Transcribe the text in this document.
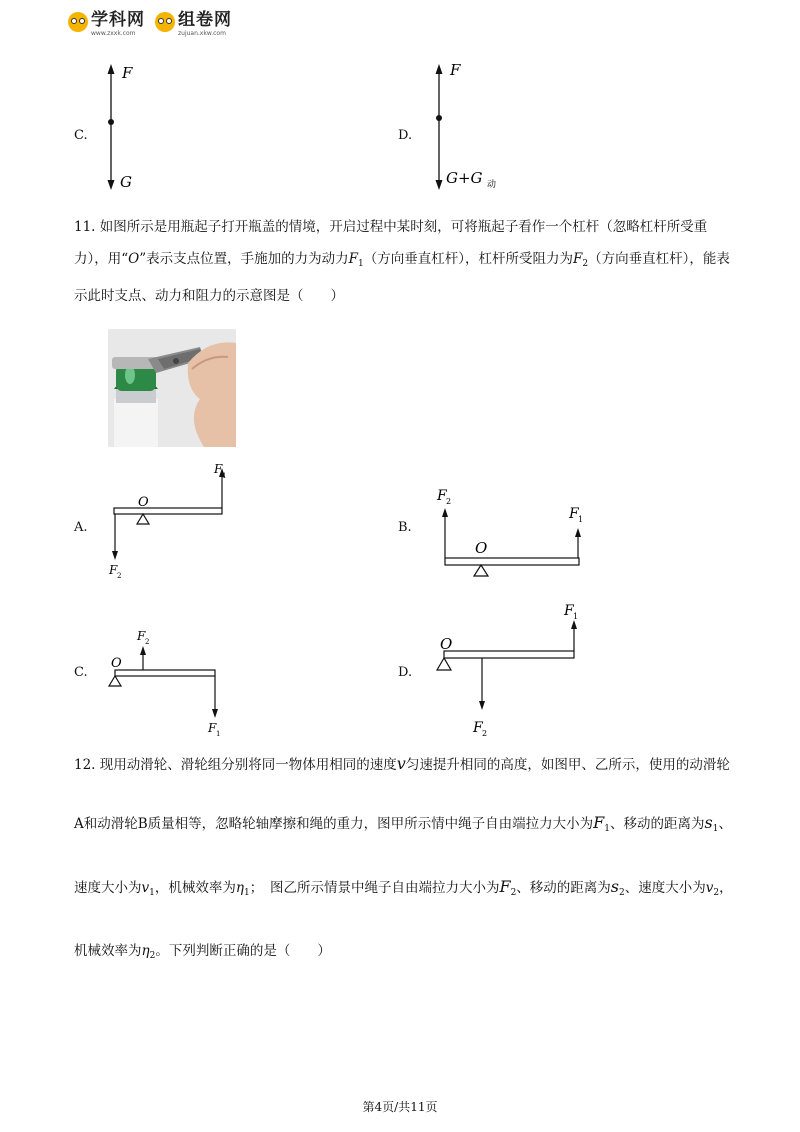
学科网
www.zxxk.com
组卷网
zujuan.xkw.com
C.
F
G
D.
F
G+G 动
11. 如图所示是用瓶起子打开瓶盖的情境，开启过程中某时刻，可将瓶起子看作一个杠杆（忽略杠杆所受重力），用“O”表示支点位置，手施加的力为动力$F_1$（方向垂直杠杆），杠杆所受阻力为$F_2$（方向垂直杠杆），能表示此时支点、动力和阻力的示意图是（　　）
A.
O
F 1
F 2
B.
O
F 2
F 1
C.
O
F 2
F 1
D.
O
F 1
F 2
12. 现用动滑轮、滑轮组分别将同一物体用相同的速度v匀速提升相同的高度，如图甲、乙所示，使用的动滑轮A和动滑轮B质量相等，忽略轮轴摩擦和绳的重力，图甲所示情中绳子自由端拉力大小为$F_1$、移动的距离为$s_1$、速度大小为$v_1$，机械效率为$\eta_1$；　图乙所示情景中绳子自由端拉力大小为$F_2$、移动的距离为$s_2$、速度大小为$v_2$，机械效率为$\eta_2$。下列判断正确的是（　　）
第4页/共11页
